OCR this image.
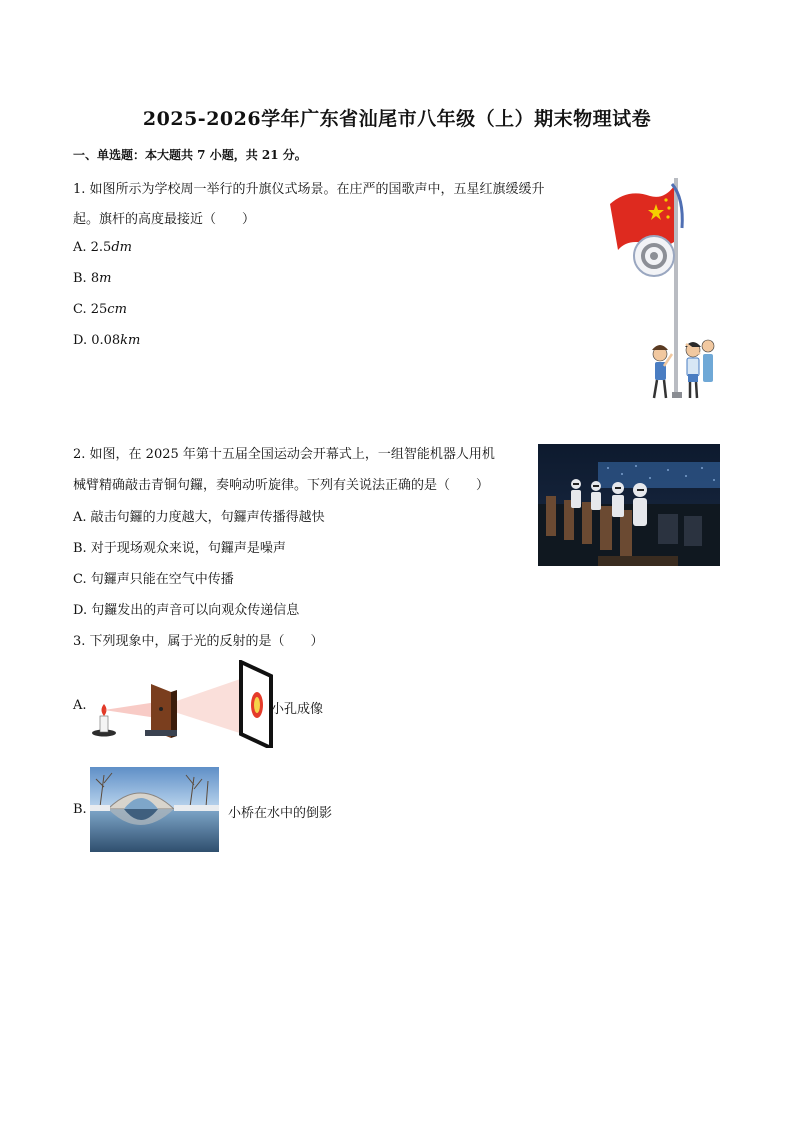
2025-2026学年广东省汕尾市八年级（上）期末物理试卷
一、单选题：本大题共 7 小题，共 21 分。
1. 如图所示为学校周一举行的升旗仪式场景。在庄严的国歌声中，五星红旗缓缓升
起。旗杆的高度最接近（　　）
A. 2.5dm
B. 8m
C. 25cm
D. 0.08km
2. 如图，在 2025 年第十五届全国运动会开幕式上，一组智能机器人用机
械臂精确敲击青铜句鑼，奏响动听旋律。下列有关说法正确的是（　　）
A. 敲击句鑼的力度越大，句鑼声传播得越快
B. 对于现场观众来说，句鑼声是噪声
C. 句鑼声只能在空气中传播
D. 句鑼发出的声音可以向观众传递信息
3. 下列现象中，属于光的反射的是（　　）
A.	小孔成像
B.	小桥在水中的倒影
